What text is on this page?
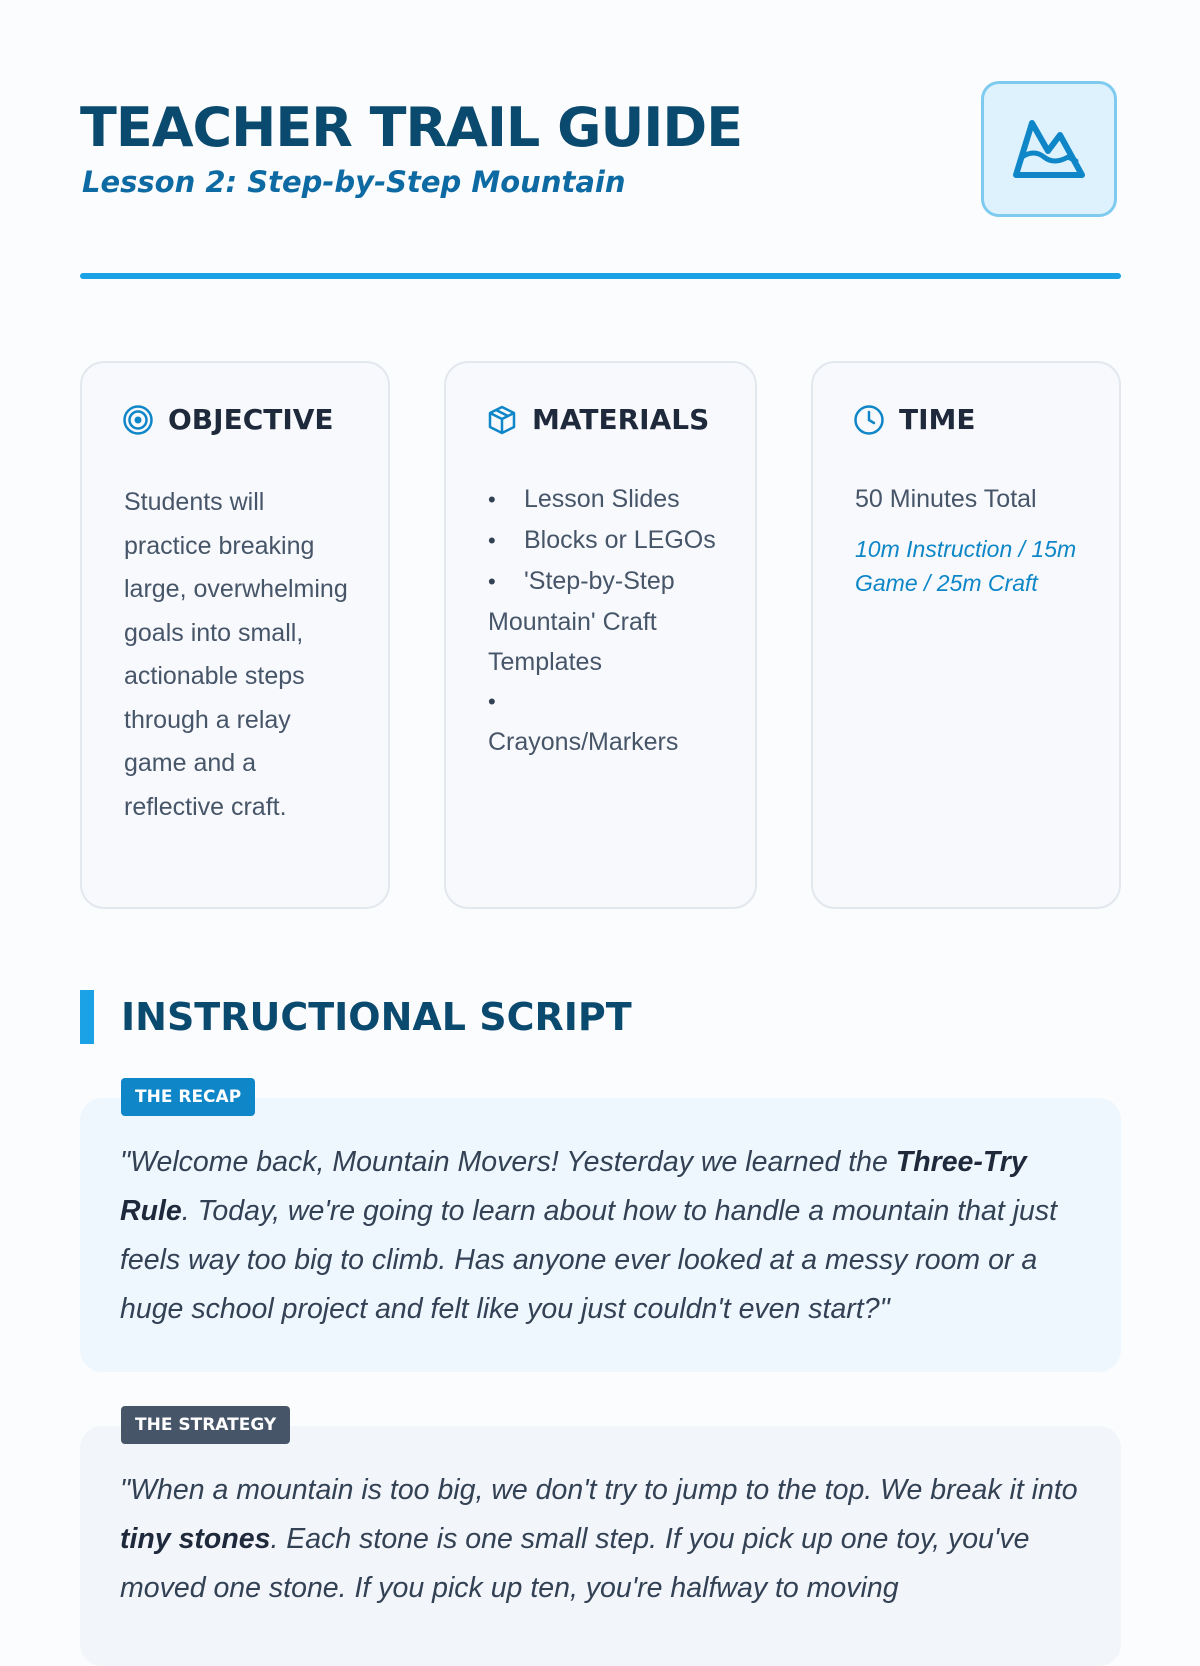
TEACHER TRAIL GUIDE
Lesson 2: Step-by-Step Mountain
OBJECTIVE
Students will practice breaking large, overwhelming goals into small, actionable steps through a relay game and a reflective craft.
MATERIALS
• Lesson Slides
• Blocks or LEGOs
• 'Step-by-Step Mountain' Craft Templates
•
Crayons/Markers
TIME
50 Minutes Total
10m Instruction / 15m Game / 25m Craft
INSTRUCTIONAL SCRIPT
"Welcome back, Mountain Movers! Yesterday we learned the Three-Try Rule. Today, we're going to learn about how to handle a mountain that just feels way too big to climb. Has anyone ever looked at a messy room or a huge school project and felt like you just couldn't even start?"
THE RECAP
"When a mountain is too big, we don't try to jump to the top. We break it into tiny stones. Each stone is one small step. If you pick up one toy, you've moved one stone. If you pick up ten, you're halfway to moving
THE STRATEGY
